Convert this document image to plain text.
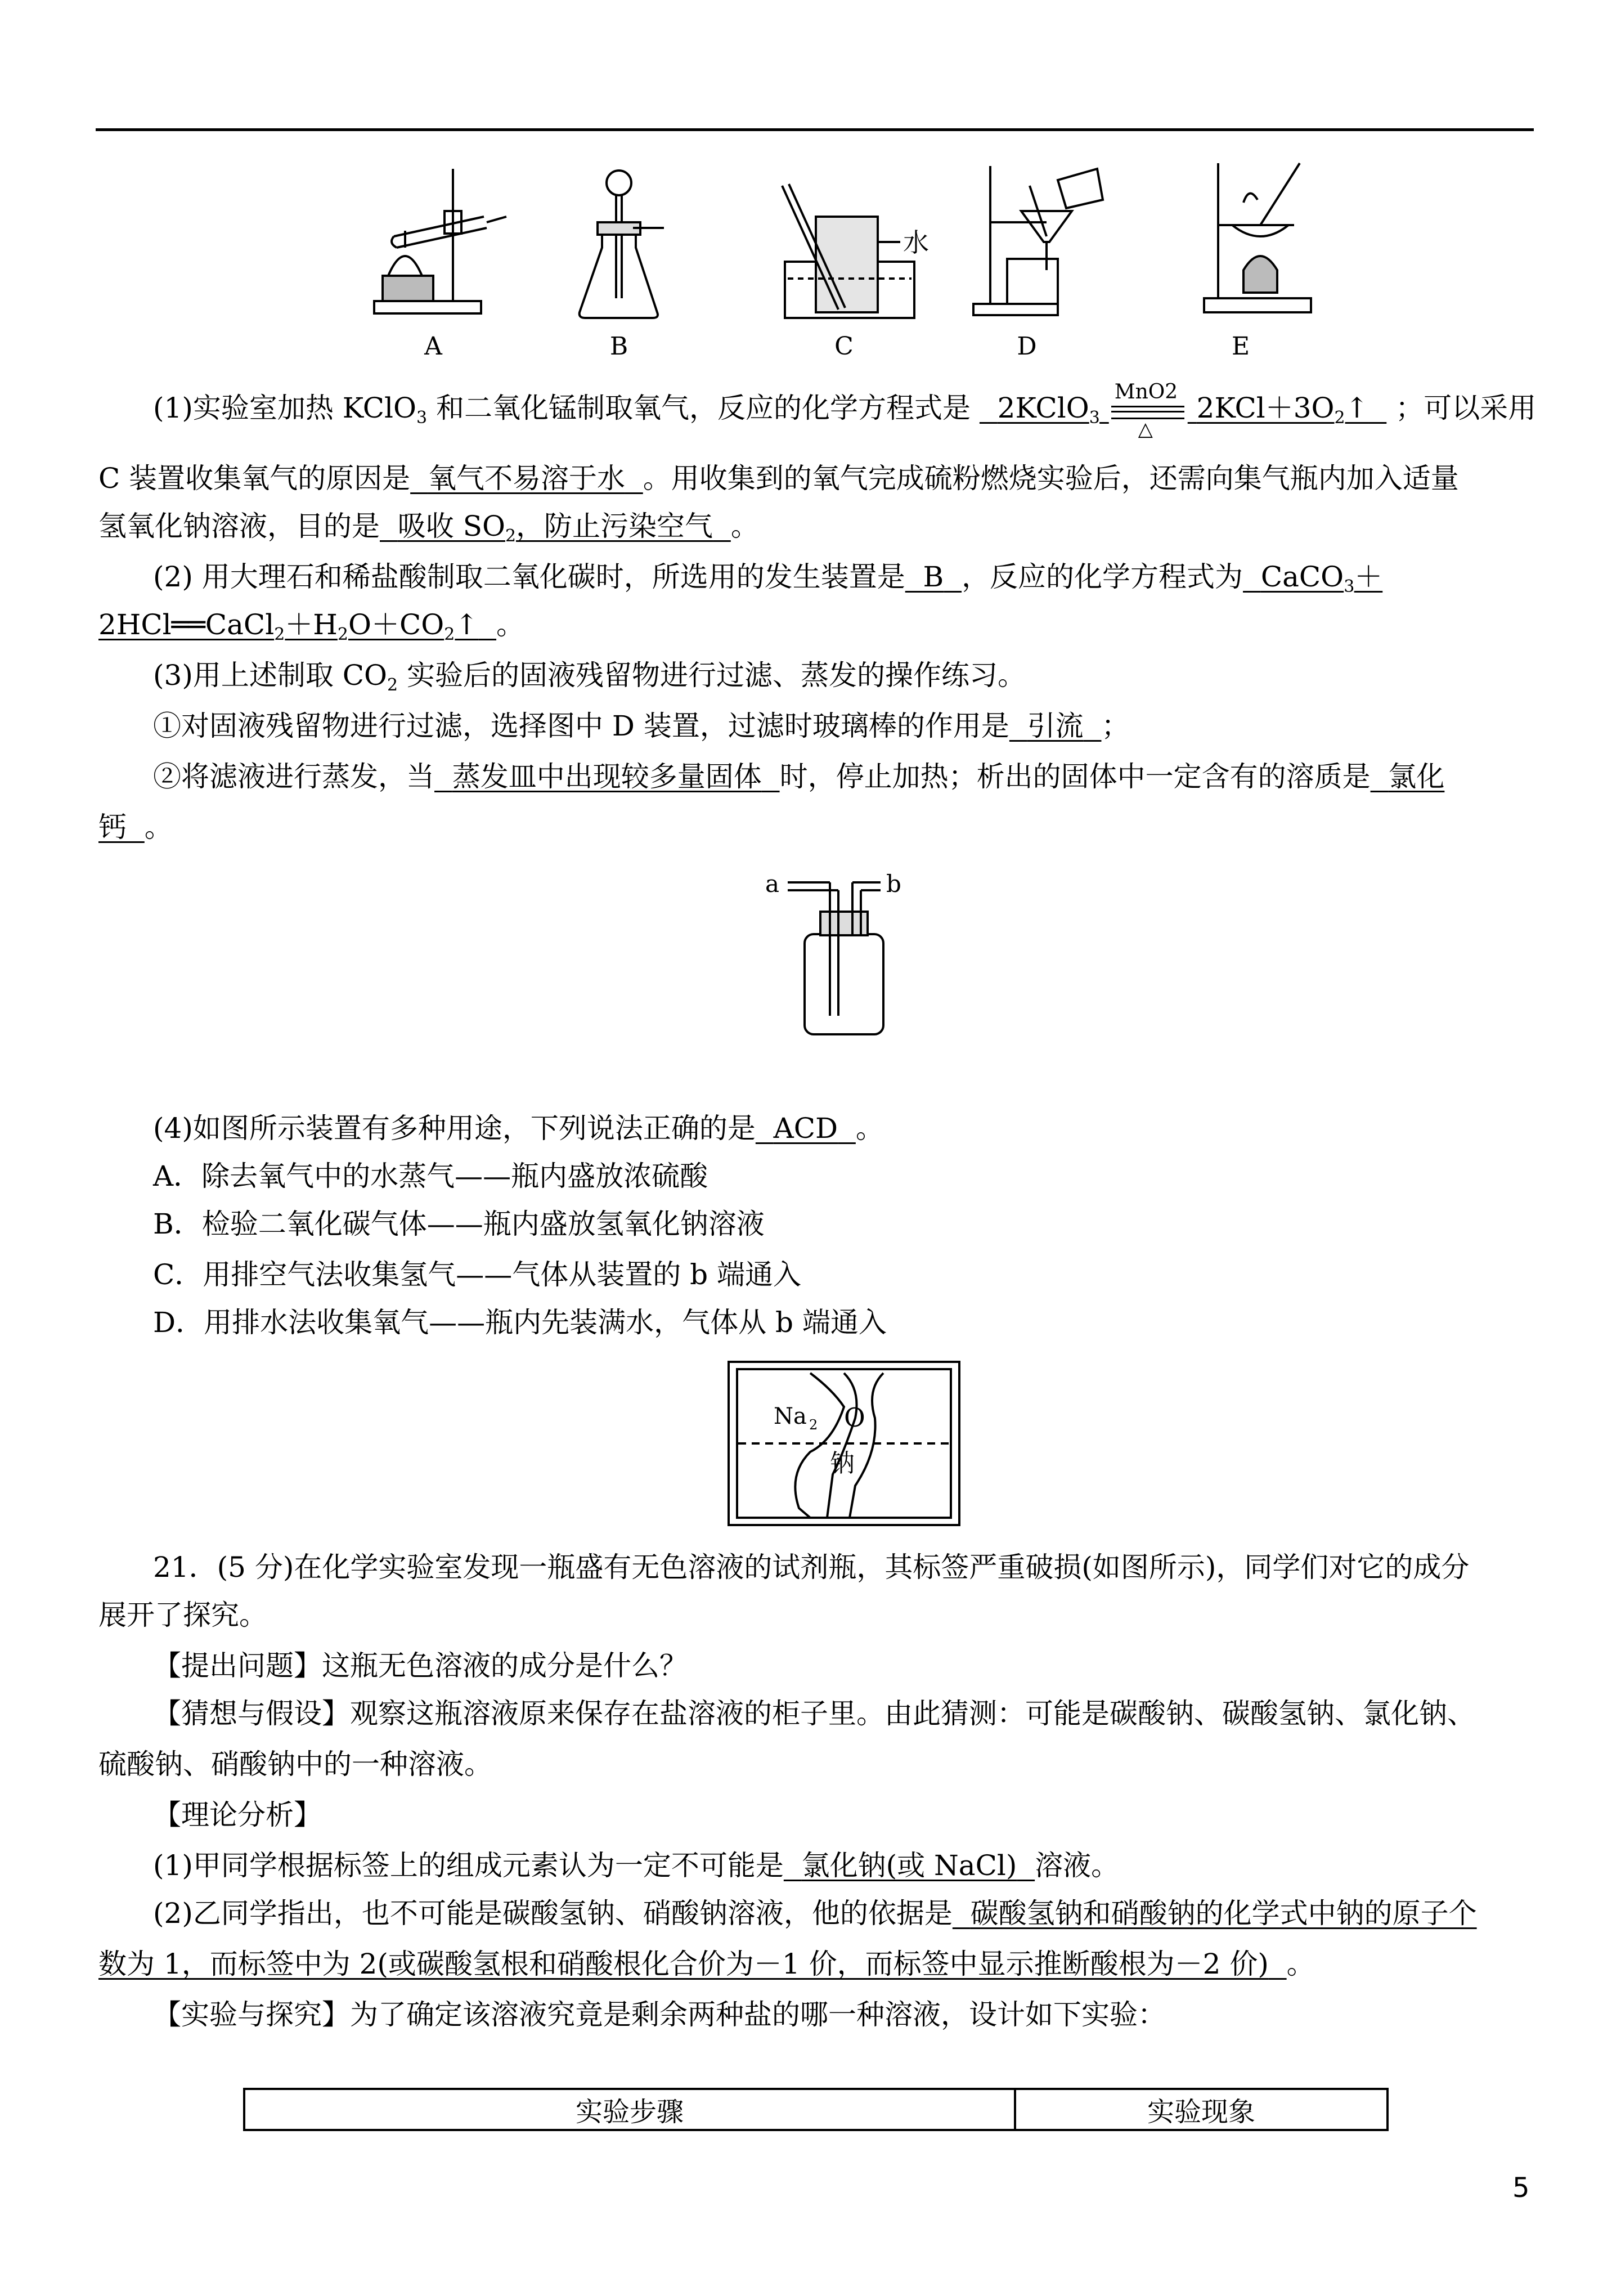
水
A	B	C	D	E
(1)实验室加热 KClO$_3$ 和二氧化锰制取氧气，反应的化学方程式是 2KClO$_3$
MnO2
△
$2KCl+3O_2↑$ ；可以采用
C 装置收集氧气的原因是 氧气不易溶于水 。用收集到的氧气完成硫粉燃烧实验后，还需向集气瓶内加入适量
氢氧化钠溶液，目的是 吸收 $SO_2$，防止污染空气 。
(2) 用大理石和稀盐酸制取二氧化碳时，所选用的发生装置是 B ，反应的化学方程式为 CaCO$_3$＋
$2HCl══CaCl_2+H_2O+CO_2↑$ 。
(3)用上述制取 $CO_2$ 实验后的固液残留物进行过滤、蒸发的操作练习。
①对固液残留物进行过滤，选择图中 D 装置，过滤时玻璃棒的作用是 引流 ；
②将滤液进行蒸发，当 蒸发皿中出现较多量固体 时，停止加热；析出的固体中一定含有的溶质是 氯化
钙 。
a	b
(4)如图所示装置有多种用途，下列说法正确的是 ACD 。
A．除去氧气中的水蒸气——瓶内盛放浓硫酸
B．检验二氧化碳气体——瓶内盛放氢氧化钠溶液
C．用排空气法收集氢气——气体从装置的 b 端通入
D．用排水法收集氧气——瓶内先装满水，气体从 b 端通入
Na 2 O
钠
21．(5 分)在化学实验室发现一瓶盛有无色溶液的试剂瓶，其标签严重破损(如图所示)，同学们对它的成分
展开了探究。
【提出问题】这瓶无色溶液的成分是什么？
【猜想与假设】观察这瓶溶液原来保存在盐溶液的柜子里。由此猜测：可能是碳酸钠、碳酸氢钠、氯化钠、
硫酸钠、硝酸钠中的一种溶液。
【理论分析】
(1)甲同学根据标签上的组成元素认为一定不可能是 氯化钠(或 NaCl) 溶液。
(2)乙同学指出，也不可能是碳酸氢钠、硝酸钠溶液，他的依据是 碳酸氢钠和硝酸钠的化学式中钠的原子个
数为 1，而标签中为 2(或碳酸氢根和硝酸根化合价为－1 价，而标签中显示推断酸根为－2 价) 。
【实验与探究】为了确定该溶液究竟是剩余两种盐的哪一种溶液，设计如下实验：
实验步骤	实验现象
5
